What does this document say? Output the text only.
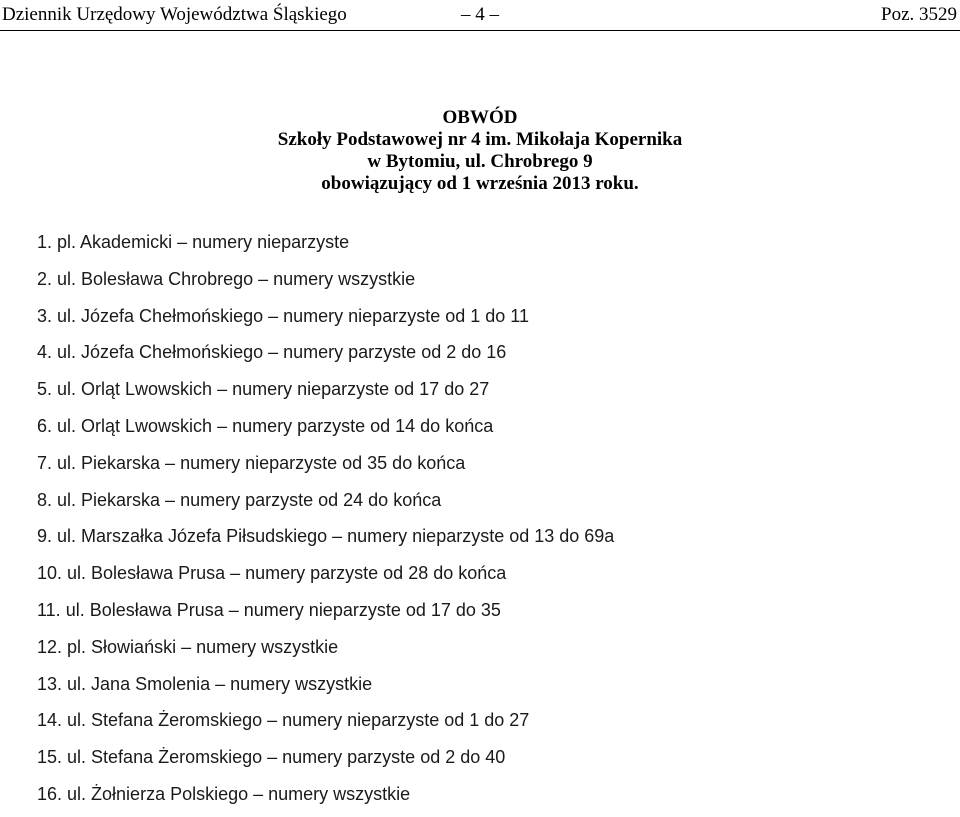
Dziennik Urzędowy Województwa Śląskiego	– 4 –	Poz. 3529
OBWÓD
Szkoły Podstawowej nr 4 im. Mikołaja Kopernika
w Bytomiu, ul. Chrobrego 9
obowiązujący od 1 września 2013 roku.
1. pl. Akademicki – numery nieparzyste
2. ul. Bolesława Chrobrego – numery wszystkie
3. ul. Józefa Chełmońskiego – numery nieparzyste od 1 do 11
4. ul. Józefa Chełmońskiego – numery parzyste od 2 do 16
5. ul. Orląt Lwowskich – numery nieparzyste od 17 do 27
6. ul. Orląt Lwowskich – numery parzyste od 14 do końca
7. ul. Piekarska – numery nieparzyste od 35 do końca
8. ul. Piekarska – numery parzyste od 24 do końca
9. ul. Marszałka Józefa Piłsudskiego – numery nieparzyste od 13 do 69a
10. ul. Bolesława Prusa – numery parzyste od 28 do końca
11. ul. Bolesława Prusa – numery nieparzyste od 17 do 35
12. pl. Słowiański – numery wszystkie
13. ul. Jana Smolenia – numery wszystkie
14. ul. Stefana Żeromskiego – numery nieparzyste od 1 do 27
15. ul. Stefana Żeromskiego – numery parzyste od 2 do 40
16. ul. Żołnierza Polskiego – numery wszystkie
